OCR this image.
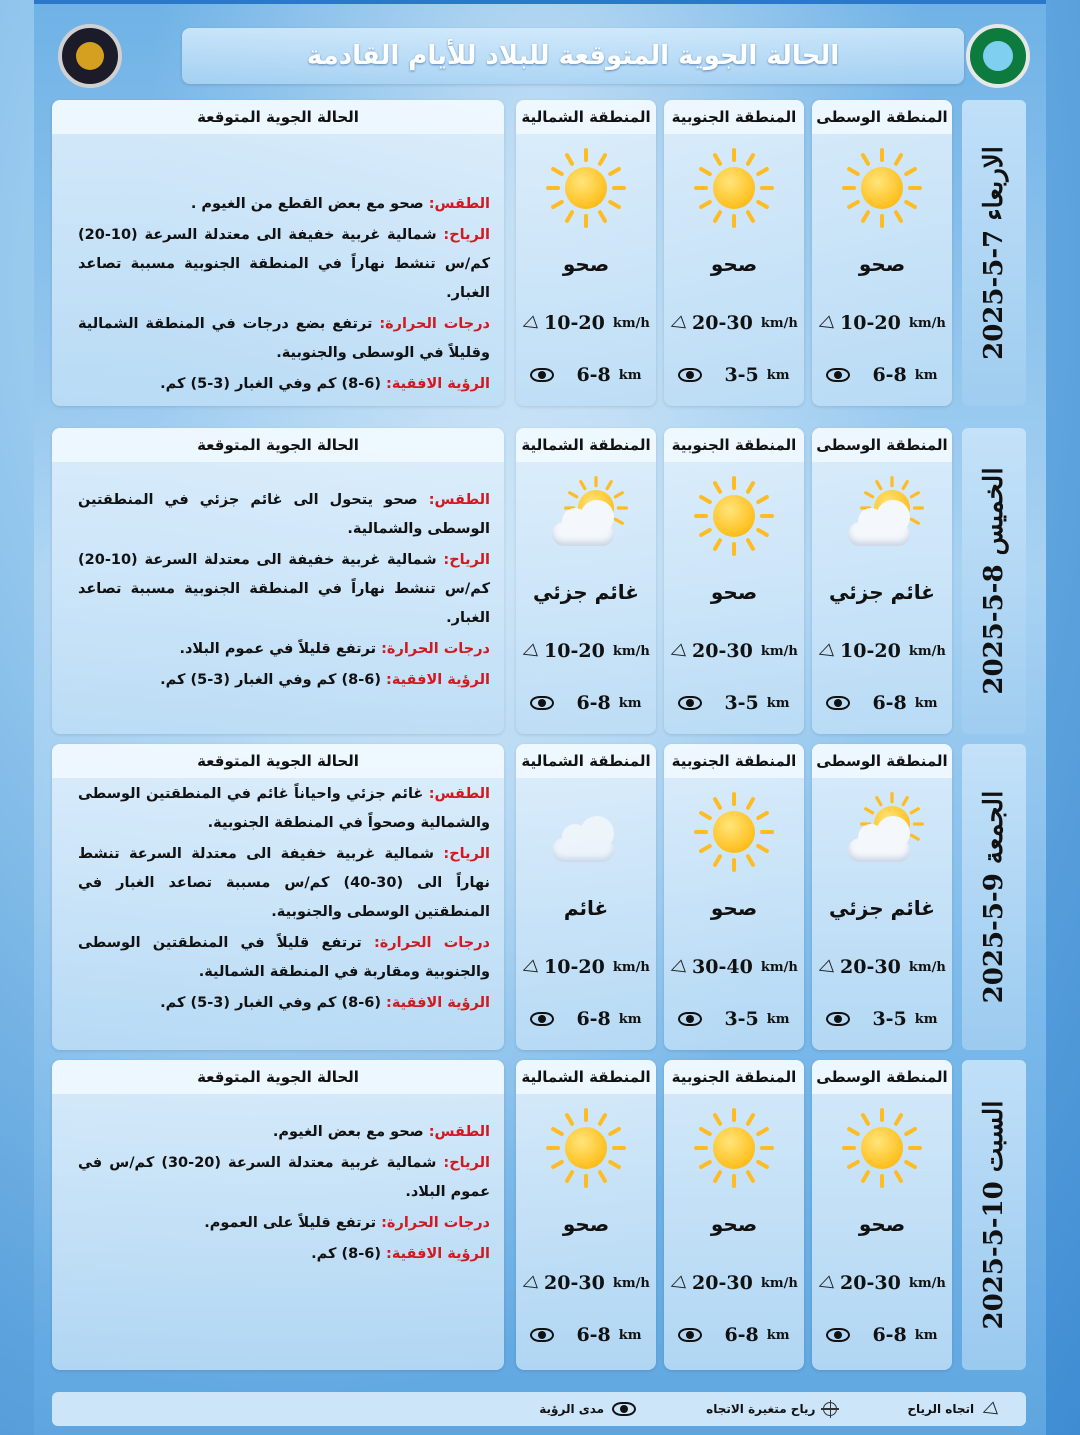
الحالة الجوية المتوقعة للبلاد للأيام القادمة
الاربعاء 7-5-2025
المنطقة الوسطى
صحو
◁ 10-20 km/h
6-8 km
المنطقة الجنوبية
صحو
◁ 20-30 km/h
3-5 km
المنطقة الشمالية
صحو
◁ 10-20 km/h
6-8 km
الحالة الجوية المتوقعة

الطقس: صحو مع بعض القطع من الغيوم .

الرياح: شمالية غربية خفيفة الى معتدلة السرعة (10-20) كم/س تنشط نهاراً في المنطقة الجنوبية مسببة تصاعد الغبار.

درجات الحرارة: ترتفع بضع درجات في المنطقة الشمالية وقليلاً في الوسطى والجنوبية.

الرؤية الافقية: (6-8) كم وفي الغبار (3-5) كم.

الخميس 8-5-2025
المنطقة الوسطى
غائم جزئي
◁ 10-20 km/h
6-8 km
المنطقة الجنوبية
صحو
◁ 20-30 km/h
3-5 km
المنطقة الشمالية
غائم جزئي
◁ 10-20 km/h
6-8 km
الحالة الجوية المتوقعة

الطقس: صحو يتحول الى غائم جزئي في المنطقتين الوسطى والشمالية.

الرياح: شمالية غربية خفيفة الى معتدلة السرعة (10-20) كم/س تنشط نهاراً في المنطقة الجنوبية مسببة تصاعد الغبار.

درجات الحرارة: ترتفع قليلاً في عموم البلاد.

الرؤية الافقية: (6-8) كم وفي الغبار (3-5) كم.

الجمعة 9-5-2025
المنطقة الوسطى
غائم جزئي
◁ 20-30 km/h
3-5 km
المنطقة الجنوبية
صحو
◁ 30-40 km/h
3-5 km
المنطقة الشمالية
غائم
◁ 10-20 km/h
6-8 km
الحالة الجوية المتوقعة

الطقس: غائم جزئي واحياناً غائم في المنطقتين الوسطى والشمالية وصحواً في المنطقة الجنوبية.

الرياح: شمالية غربية خفيفة الى معتدلة السرعة تنشط نهاراً الى (30-40) كم/س مسببة تصاعد الغبار في المنطقتين الوسطى والجنوبية.

درجات الحرارة: ترتفع قليلاً في المنطقتين الوسطى والجنوبية ومقاربة في المنطقة الشمالية.

الرؤية الافقية: (6-8) كم وفي الغبار (3-5) كم.

السبت 10-5-2025
المنطقة الوسطى
صحو
◁ 20-30 km/h
6-8 km
المنطقة الجنوبية
صحو
◁ 20-30 km/h
6-8 km
المنطقة الشمالية
صحو
◁ 20-30 km/h
6-8 km
الحالة الجوية المتوقعة

الطقس: صحو مع بعض الغيوم.

الرياح: شمالية غربية معتدلة السرعة (20-30) كم/س في عموم البلاد.

درجات الحرارة: ترتفع قليلاً على العموم.

الرؤية الافقية: (6-8) كم.

◁
اتجاه الرياح
رياح متغيرة الاتجاه
مدى الرؤية
